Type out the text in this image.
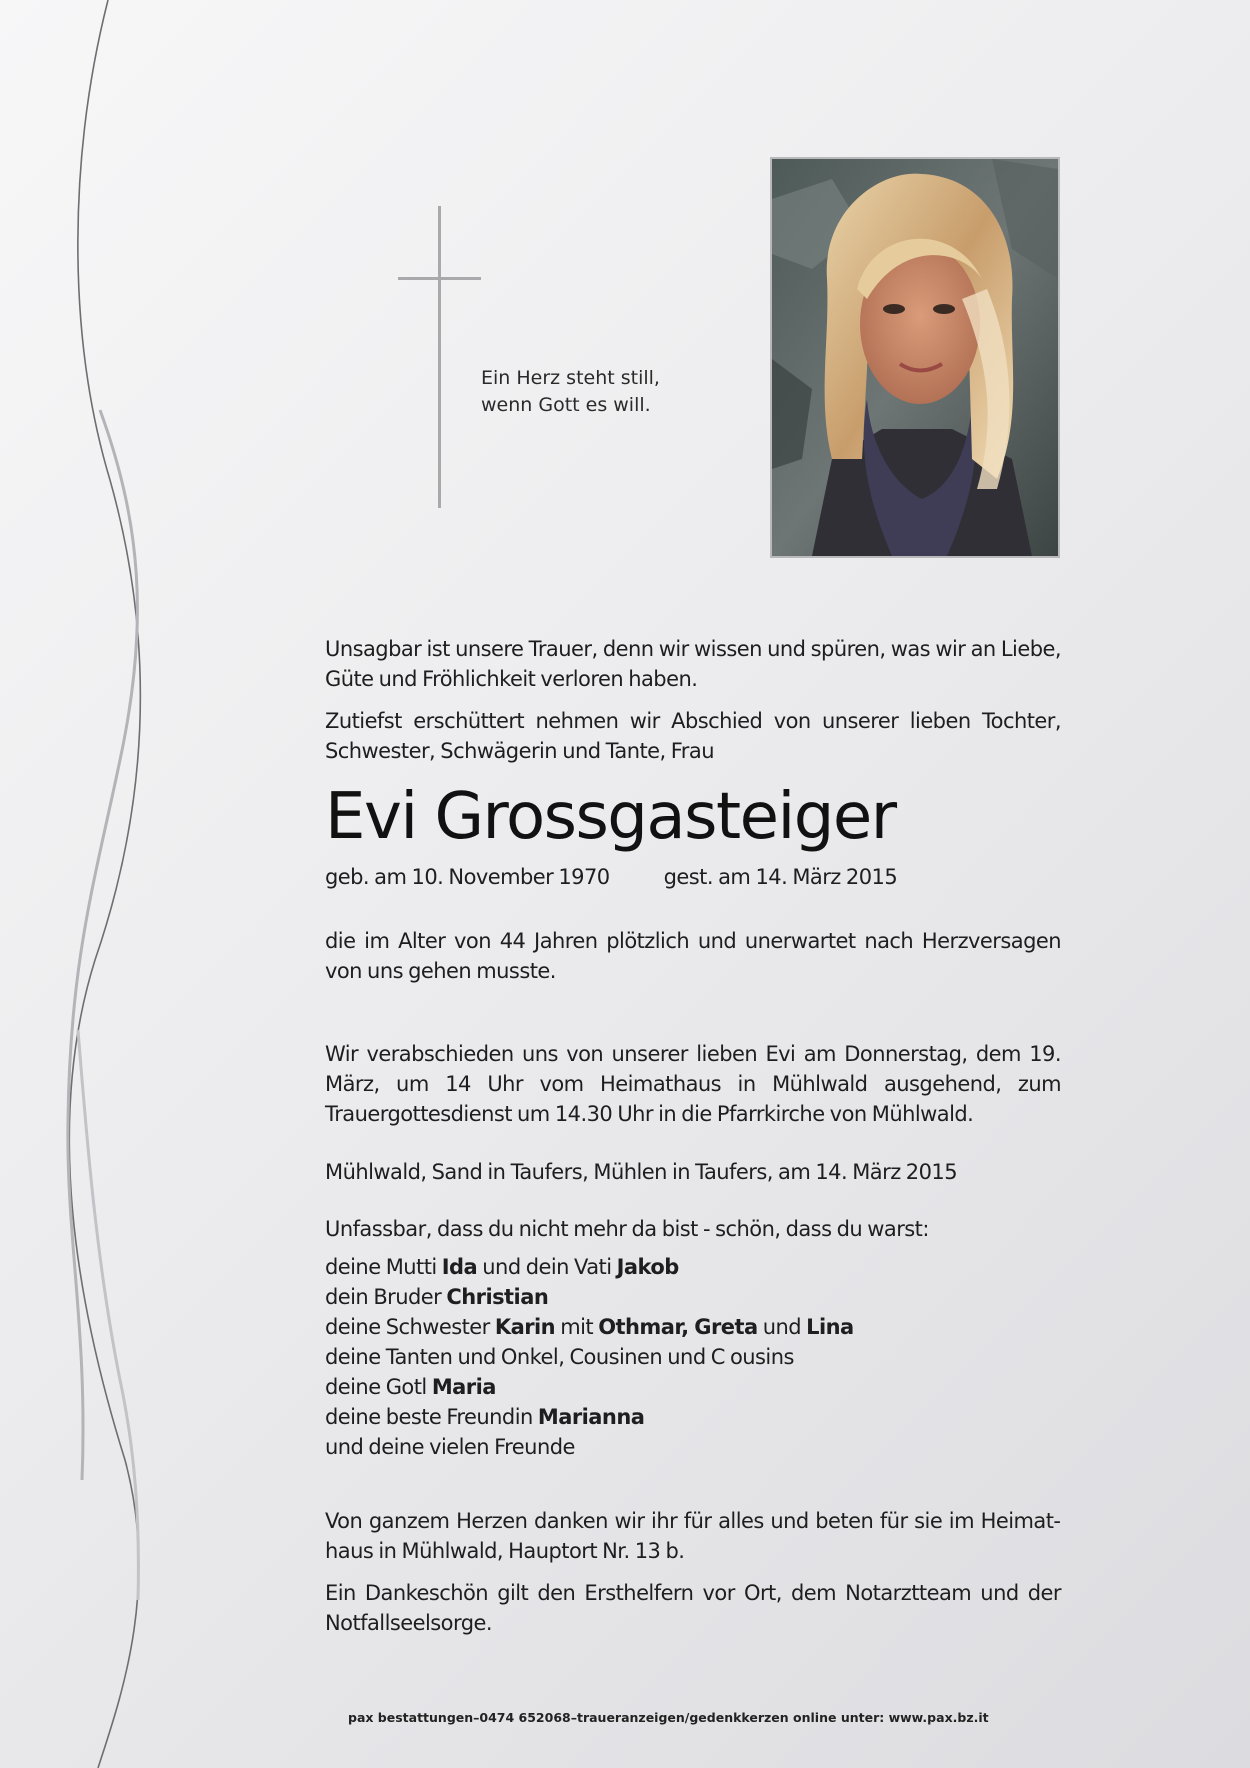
Ein Herz steht still,
wenn Gott es will.

Unsagbar ist unsere Trauer, denn wir wissen und spüren, was wir an Liebe, Güte und Fröhlichkeit verloren haben.

Zutiefst erschüttert nehmen wir Abschied von unserer lieben Tochter, Schwester, Schwägerin und Tante, Frau

Evi Grossgasteiger

geb. am 10. November 1970	gest. am 14. März 2015

die im Alter von 44 Jahren plötzlich und unerwartet nach Herzversagen von uns gehen musste.

Wir verabschieden uns von unserer lieben Evi am Donnerstag, dem 19. März, um 14 Uhr vom Heimathaus in Mühlwald ausgehend, zum Trauergottesdienst um 14.30 Uhr in die Pfarrkirche von Mühlwald.

Mühlwald, Sand in Taufers, Mühlen in Taufers, am 14. März 2015

Unfassbar, dass du nicht mehr da bist - schön, dass du warst:

deine Mutti Ida und dein Vati Jakob

dein Bruder Christian

deine Schwester Karin mit Othmar, Greta und Lina

deine Tanten und Onkel, Cousinen und C ousins

deine Gotl Maria

deine beste Freundin Marianna

und deine vielen Freunde

Von ganzem Herzen danken wir ihr für alles und beten für sie im Heimathaus in Mühlwald, Hauptort Nr. 13 b.

Ein Dankeschön gilt den Ersthelfern vor Ort, dem Notarztteam und der Notfallseelsorge.

pax bestattungen–0474 652068–traueranzeigen/gedenkkerzen online unter: www.pax.bz.it
